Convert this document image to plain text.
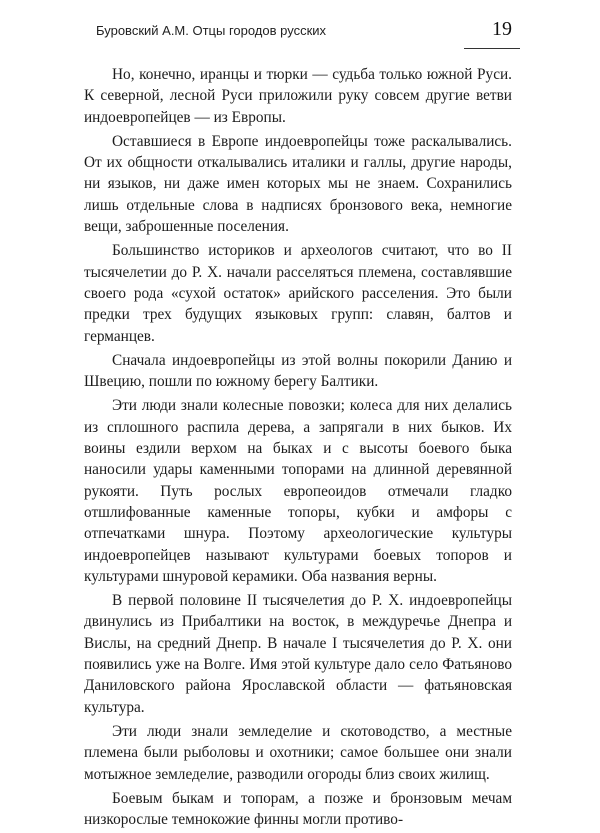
Буровский А.М. Отцы городов русских	19

Но, конечно, иранцы и тюрки — судьба только южной Руси. К северной, лесной Руси приложили руку совсем другие ветви индоевропейцев — из Европы.

Оставшиеся в Европе индоевропейцы тоже раскалывались. От их общности откалывались италики и галлы, другие народы, ни языков, ни даже имен которых мы не знаем. Сохранились лишь отдельные слова в надписях бронзового века, немногие вещи, заброшенные поселения.

Большинство историков и археологов считают, что во II тысячелетии до Р. Х. начали расселяться племена, составлявшие своего рода «сухой остаток» арийского расселения. Это были предки трех будущих языковых групп: славян, балтов и германцев.

Сначала индоевропейцы из этой волны покорили Данию и Швецию, пошли по южному берегу Балтики.

Эти люди знали колесные повозки; колеса для них делались из сплошного распила дерева, а запрягали в них быков. Их воины ездили верхом на быках и с высоты боевого быка наносили удары каменными топорами на длинной деревянной рукояти. Путь рослых европеоидов отмечали гладко отшлифованные каменные топоры, кубки и амфоры с отпечатками шнура. Поэтому археологические культуры индоевропейцев называют культурами боевых топоров и культурами шнуровой керамики. Оба названия верны.

В первой половине II тысячелетия до Р. Х. индоевропейцы двинулись из Прибалтики на восток, в междуречье Днепра и Вислы, на средний Днепр. В начале I тысячелетия до Р. Х. они появились уже на Волге. Имя этой культуре дало село Фатьяново Даниловского района Ярославской области — фатьяновская культура.

Эти люди знали земледелие и скотоводство, а местные племена были рыболовы и охотники; самое большее они знали мотыжное земледелие, разводили огороды близ своих жилищ.

Боевым быкам и топорам, а позже и бронзовым мечам низкорослые темнокожие финны могли противо-
